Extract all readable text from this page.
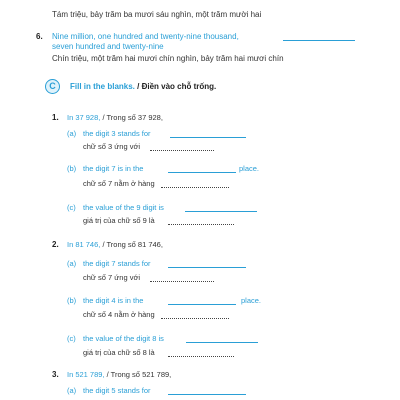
Tám triệu, bảy trăm ba mươi sáu nghìn, một trăm mười hai
6. Nine million, one hundred and twenty-nine thousand,
seven hundred and twenty-nine
Chín triệu, một trăm hai mươi chín nghìn, bảy trăm hai mươi chín
C	Fill in the blanks. / Điền vào chỗ trống.
1. In 37 928, / Trong số 37 928,
(a) the digit 3 stands for
chữ số 3 ứng với
(b) the digit 7 is in the	place.
chữ số 7 nằm ở hàng
(c) the value of the 9 digit is
giá trị của chữ số 9 là
2. In 81 746, / Trong số 81 746,
(a) the digit 7 stands for
chữ số 7 ứng với
(b) the digit 4 is in the	place.
chữ số 4 nằm ở hàng
(c) the value of the digit 8 is
giá trị của chữ số 8 là
3. In 521 789, / Trong số 521 789,
(a) the digit 5 stands for
